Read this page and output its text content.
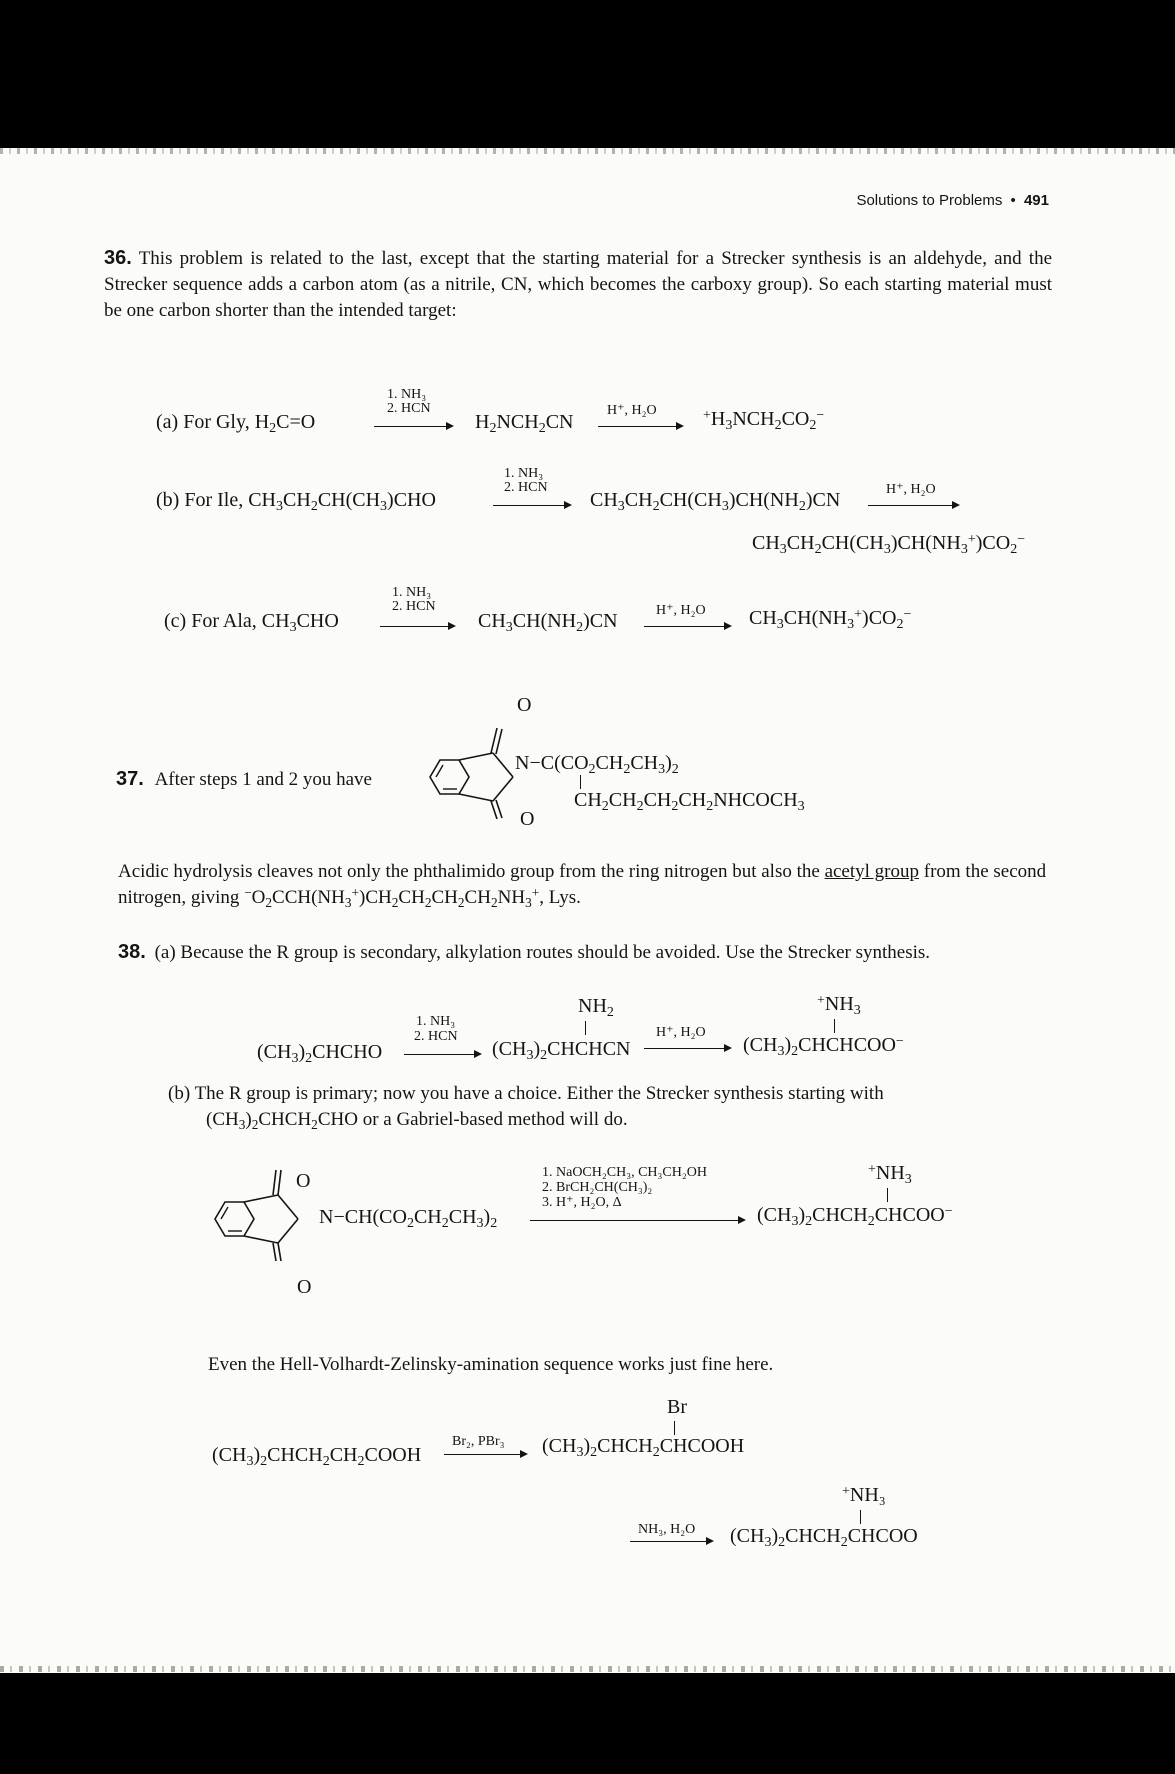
Solutions to Problems • 491
36. This problem is related to the last, except that the starting material for a Strecker synthesis is an aldehyde, and the Strecker sequence adds a carbon atom (as a nitrile, CN, which becomes the carboxy group). So each starting material must be one carbon shorter than the intended target:
(a) For Gly, $H_2C=O$
1. NH₃
2. HCN
$H_2NCH_2CN$
H⁺, H₂O	$^+H_3NCH_2CO_2^-$
(b) For Ile, $CH_3CH_2CH(CH_3)CHO$
1. NH₃
2. HCN
$CH_3CH_2CH(CH_3)CH(NH_2)CN$	H⁺, H₂O
$CH_3CH_2CH(CH_3)CH(NH_3^+)CO_2^-$
(c) For Ala, $CH_3CHO$
1. NH₃
2. HCN
$CH_3CH(NH_2)CN$	H⁺, H₂O $CH_3CH(NH_3^+)CO_2^-$
37. After steps 1 and 2 you have
O
O
$N-C(CO_2CH_2CH_3)_2$
$CH_2CH_2CH_2CH_2NHCOCH_3$
Acidic hydrolysis cleaves not only the phthalimido group from the ring nitrogen but also the acetyl group from the second nitrogen, giving $^-O_2CCH(NH_3^+)CH_2CH_2CH_2CH_2NH_3^+$, Lys.
38. (a) Because the R group is secondary, alkylation routes should be avoided. Use the Strecker synthesis.
$(CH_3)_2CHCHO$
1. NH₃
2. HCN
$NH_2$
$(CH_3)_2CHCHCN$
H⁺, H₂O
$^+NH_3$
$(CH_3)_2CHCHCOO^-$
(b) The R group is primary; now you have a choice. Either the Strecker synthesis starting with
$(CH_3)_2CHCH_2CHO$ or a Gabriel-based method will do.
O
O
$N-CH(CO_2CH_2CH_3)_2$
1. NaOCH₂CH₃, CH₃CH₂OH
2. BrCH₂CH(CH₃)₂
3. H⁺, H₂O, Δ
$^+NH_3$
$(CH_3)_2CHCH_2CHCOO^-$
Even the Hell-Volhardt-Zelinsky-amination sequence works just fine here.
$(CH_3)_2CHCH_2CH_2COOH$
Br₂, PBr₃
Br
$(CH_3)_2CHCH_2CHCOOH$
+NH₃
NH₃, H₂O $(CH_3)_2CHCH_2CHCOO$
